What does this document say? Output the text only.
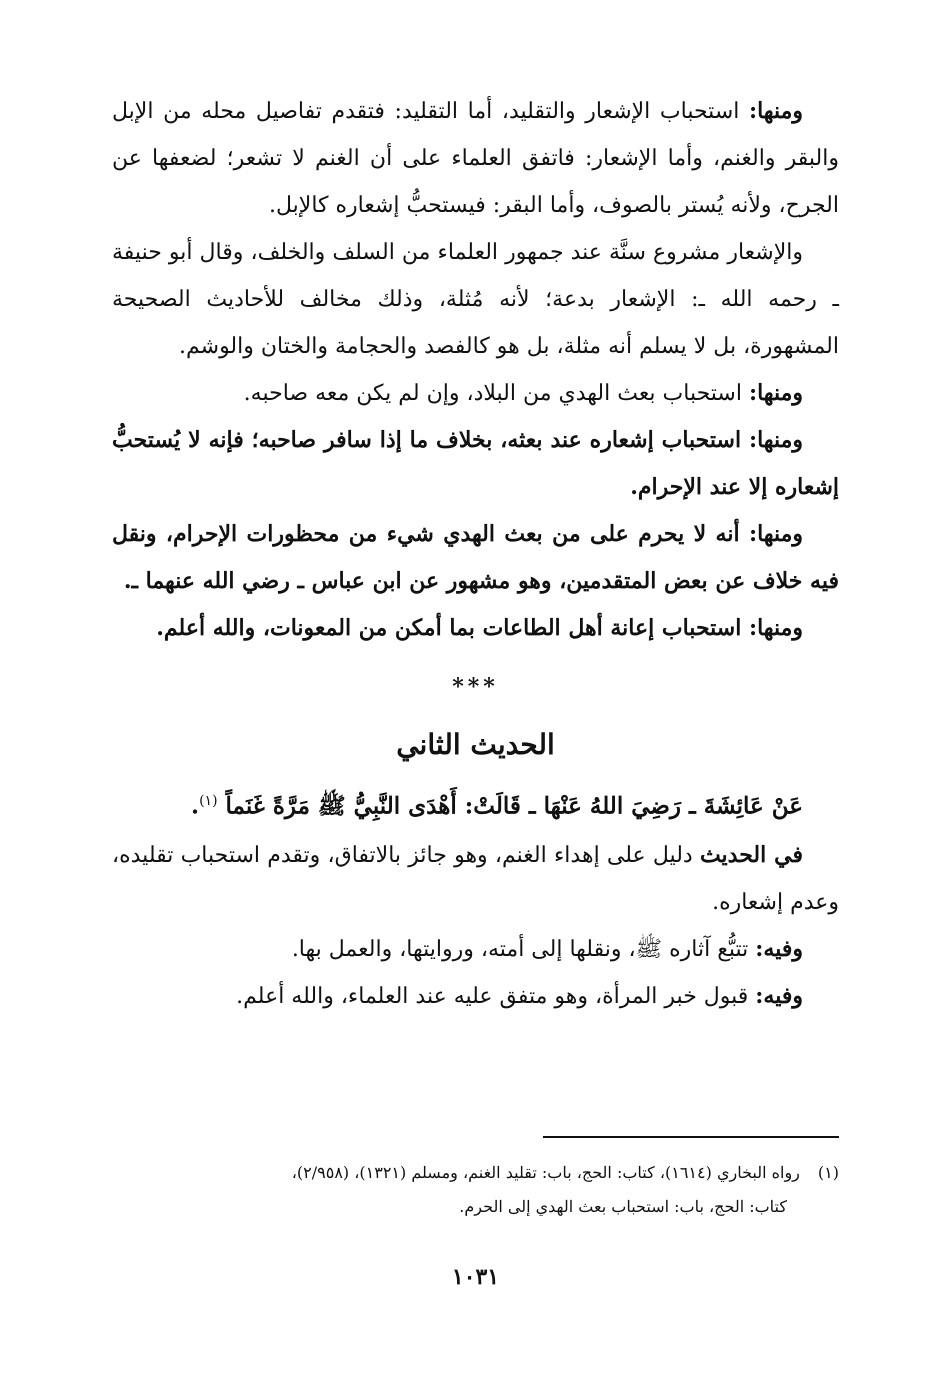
ومنها: استحباب الإشعار والتقليد، أما التقليد: فتقدم تفاصيل محله من الإبل والبقر والغنم، وأما الإشعار: فاتفق العلماء على أن الغنم لا تشعر؛ لضعفها عن الجرح، ولأنه يُستر بالصوف، وأما البقر: فيستحبُّ إشعاره كالإبل.

والإشعار مشروع سنَّة عند جمهور العلماء من السلف والخلف، وقال أبو حنيفة ـ رحمه الله ـ: الإشعار بدعة؛ لأنه مُثلة، وذلك مخالف للأحاديث الصحيحة المشهورة، بل لا يسلم أنه مثلة، بل هو كالفصد والحجامة والختان والوشم.

ومنها: استحباب بعث الهدي من البلاد، وإن لم يكن معه صاحبه.

ومنها: استحباب إشعاره عند بعثه، بخلاف ما إذا سافر صاحبه؛ فإنه لا يُستحبُّ إشعاره إلا عند الإحرام.

ومنها: أنه لا يحرم على من بعث الهدي شيء من محظورات الإحرام، ونقل فيه خلاف عن بعض المتقدمين، وهو مشهور عن ابن عباس ـ رضي الله عنهما ـ.

ومنها: استحباب إعانة أهل الطاعات بما أمكن من المعونات، والله أعلم.

***
الحديث الثاني

عَنْ عَائِشَةَ ـ رَضِيَ اللهُ عَنْهَا ـ قَالَتْ: أَهْدَى النَّبِيُّ ﷺ مَرَّةً غَنَماً $^{(١)}$.

في الحديث دليل على إهداء الغنم، وهو جائز بالاتفاق، وتقدم استحباب تقليده، وعدم إشعاره.

وفيه: تتبُّع آثاره ﷺ، ونقلها إلى أمته، وروايتها، والعمل بها.

وفيه: قبول خبر المرأة، وهو متفق عليه عند العلماء، والله أعلم.

(١)رواه البخاري (١٦١٤)، كتاب: الحج، باب: تقليد الغنم، ومسلم (١٣٢١)، (٢/٩٥٨)،
كتاب: الحج، باب: استحباب بعث الهدي إلى الحرم.
١٠٣١
